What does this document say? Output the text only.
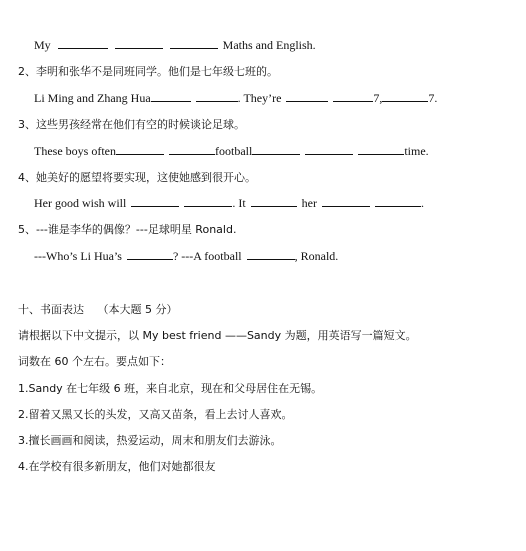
My	Maths and English.
2、李明和张华不是同班同学。他们是七年级七班的。
Li Ming and Zhang Hua	. They’re	7,	7.
3、这些男孩经常在他们有空的时候谈论足球。
These boys often	football	time.
4、她美好的愿望将要实现，这使她感到很开心。
Her good wish will	. It	her	.
5、---谁是李华的偶像？---足球明星 Ronald.
---Who’s Li Hua’s	? ---A football	, Ronald.
十、书面表达 （本大题 5 分）
请根据以下中文提示，以 My best friend ——Sandy 为题，用英语写一篇短文。
词数在 60 个左右。要点如下：
1.Sandy 在七年级 6 班，来自北京，现在和父母居住在无锡。
2.留着又黑又长的头发，又高又苗条，看上去讨人喜欢。
3.擅长画画和阅读，热爱运动，周末和朋友们去游泳。
4.在学校有很多新朋友，他们对她都很友
